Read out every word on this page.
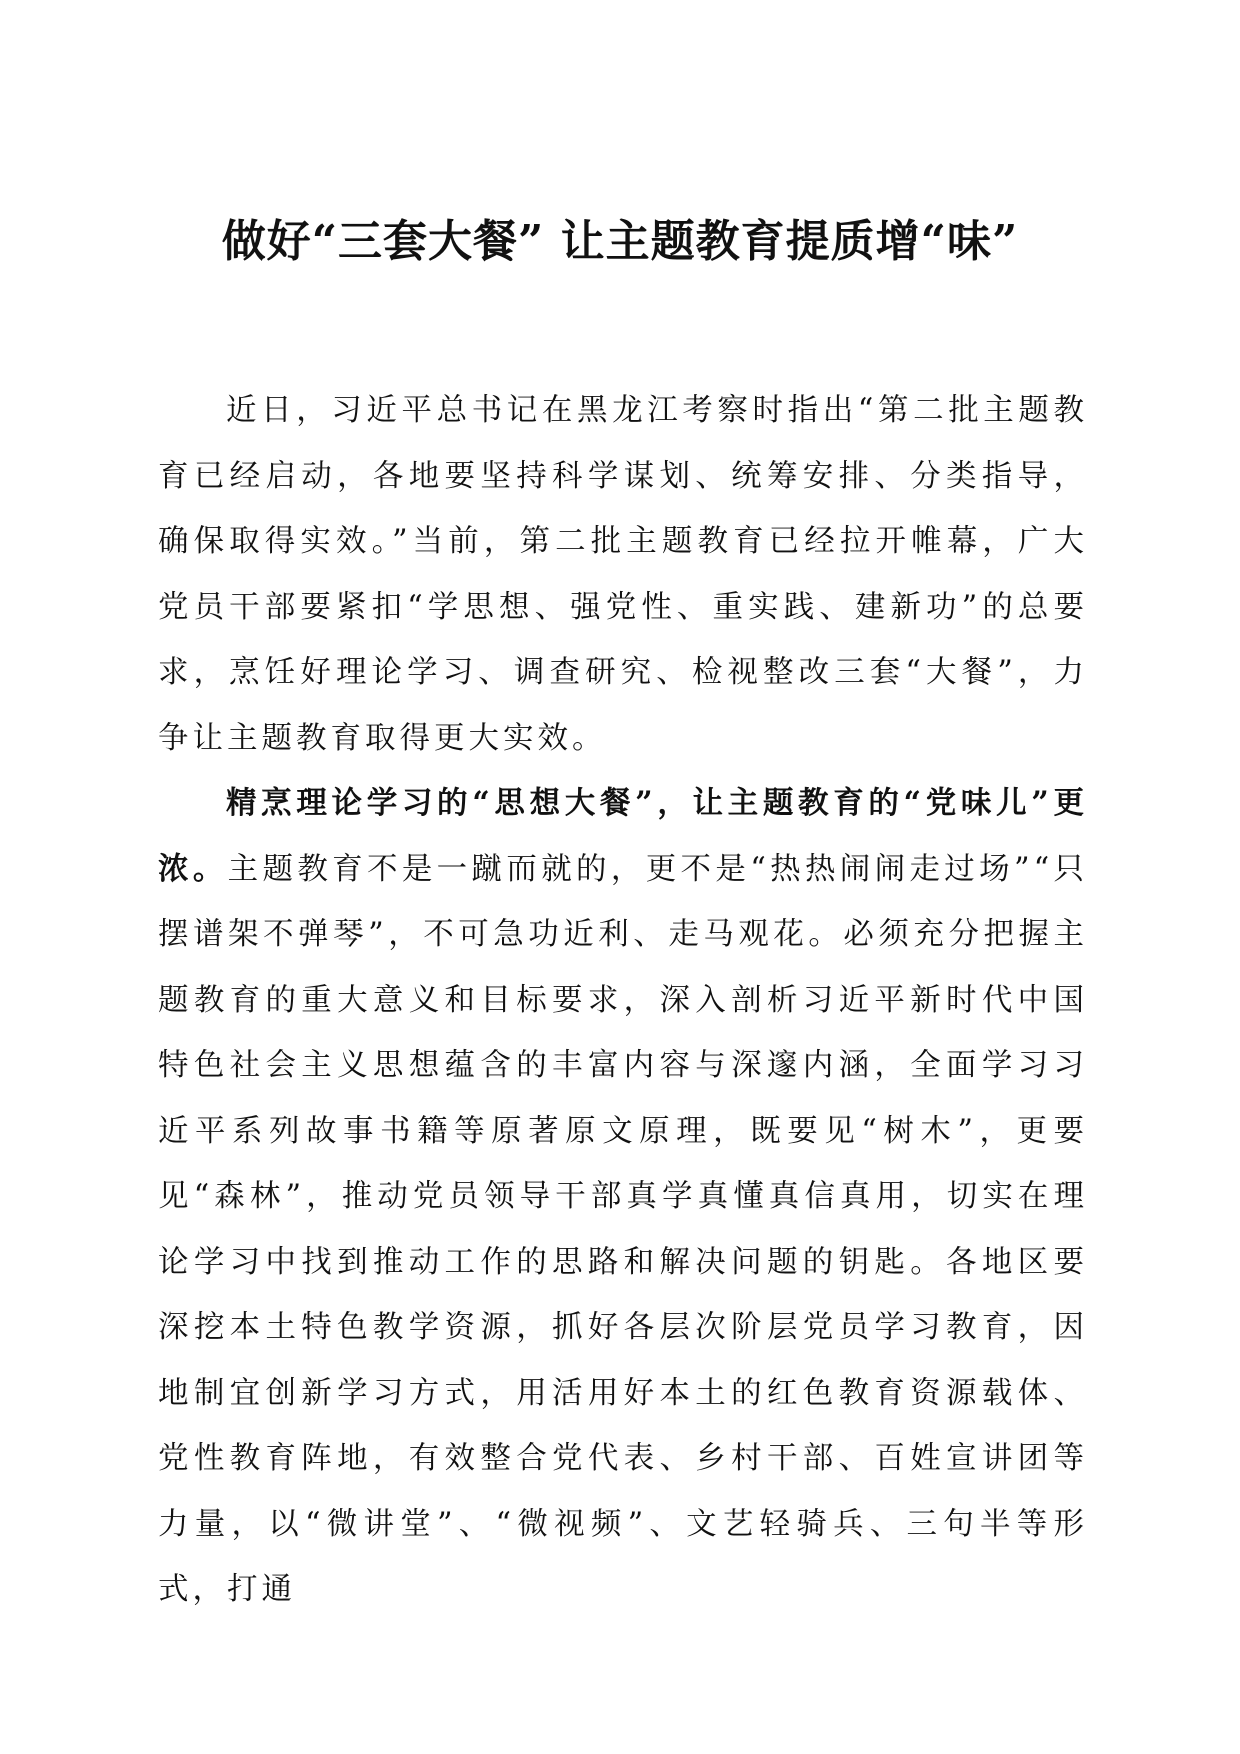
做好“三套大餐” 让主题教育提质增“味”

近日，习近平总书记在黑龙江考察时指出“第二批主题教育已经启动，各地要坚持科学谋划、统筹安排、分类指导，确保取得实效。”当前，第二批主题教育已经拉开帷幕，广大党员干部要紧扣“学思想、强党性、重实践、建新功”的总要求，烹饪好理论学习、调查研究、检视整改三套“大餐”，力争让主题教育取得更大实效。

精烹理论学习的“思想大餐”，让主题教育的“党味儿”更浓。主题教育不是一蹴而就的，更不是“热热闹闹走过场”“只摆谱架不弹琴”，不可急功近利、走马观花。必须充分把握主题教育的重大意义和目标要求，深入剖析习近平新时代中国特色社会主义思想蕴含的丰富内容与深邃内涵，全面学习习近平系列故事书籍等原著原文原理，既要见“树木”，更要见“森林”，推动党员领导干部真学真懂真信真用，切实在理论学习中找到推动工作的思路和解决问题的钥匙。各地区要深挖本土特色教学资源，抓好各层次阶层党员学习教育，因地制宜创新学习方式，用活用好本土的红色教育资源载体、党性教育阵地，有效整合党代表、乡村干部、百姓宣讲团等力量，以“微讲堂”、“微视频”、文艺轻骑兵、三句半等形式，打通
